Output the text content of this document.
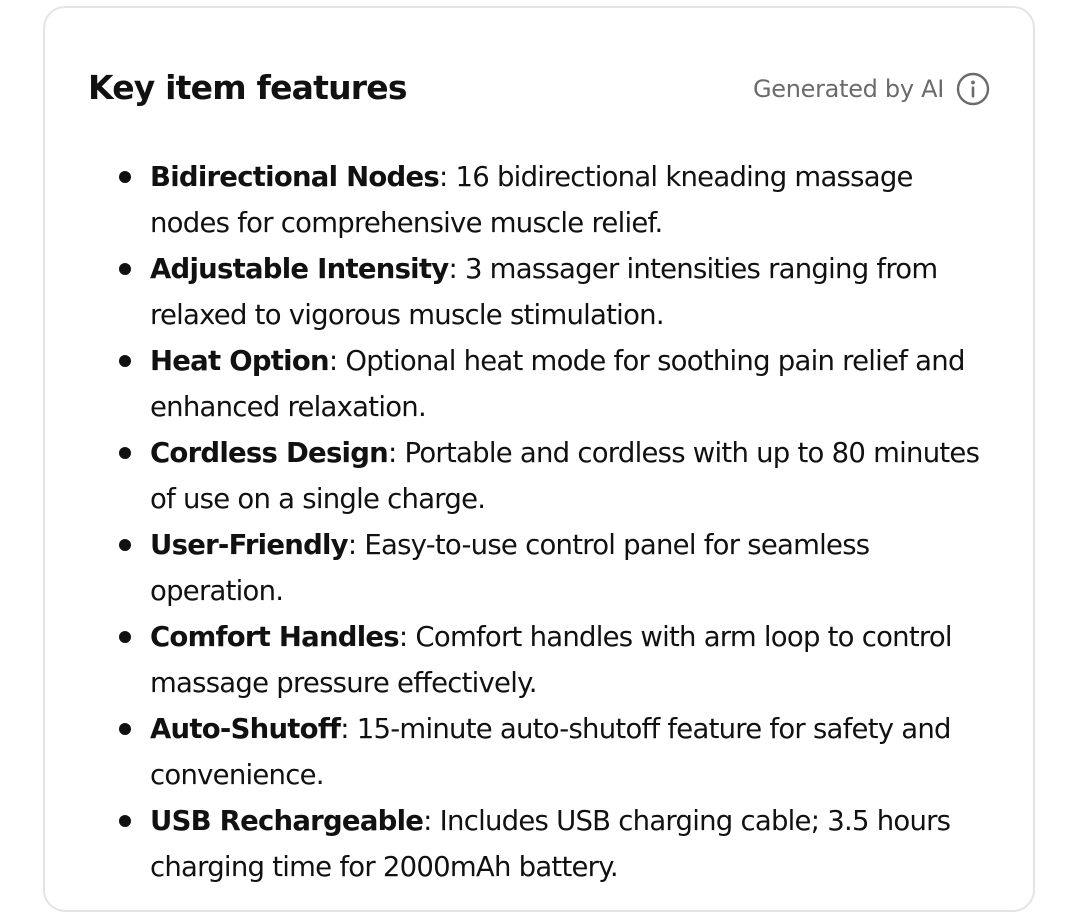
Key item features	Generated by AI
Bidirectional Nodes: 16 bidirectional kneading massage nodes for comprehensive muscle relief.
Adjustable Intensity: 3 massager intensities ranging from relaxed to vigorous muscle stimulation.
Heat Option: Optional heat mode for soothing pain relief and enhanced relaxation.
Cordless Design: Portable and cordless with up to 80 minutes of use on a single charge.
User-Friendly: Easy-to-use control panel for seamless operation.
Comfort Handles: Comfort handles with arm loop to control massage pressure effectively.
Auto-Shutoff: 15-minute auto-shutoff feature for safety and convenience.
USB Rechargeable: Includes USB charging cable; 3.5 hours charging time for 2000mAh battery.
